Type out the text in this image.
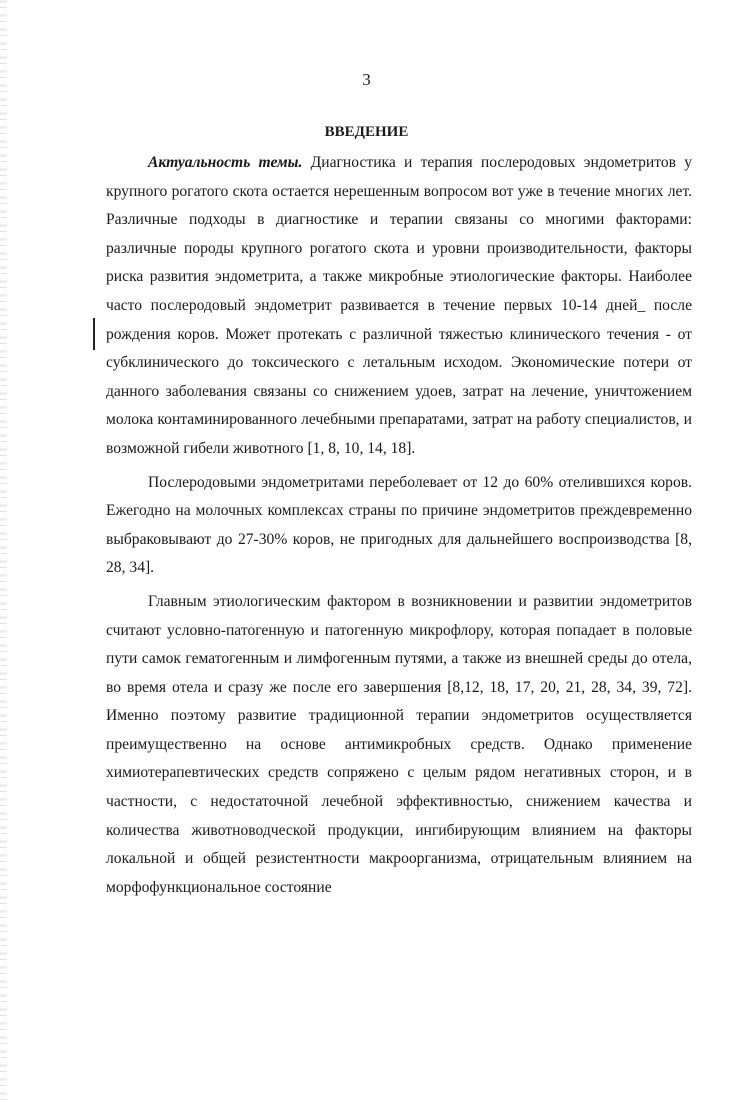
3
ВВЕДЕНИЕ

Актуальность темы. Диагностика и терапия послеродовых эндометритов у крупного рогатого скота остается нерешенным вопросом вот уже в течение многих лет. Различные подходы в диагностике и терапии связаны со многими факторами: различные породы крупного рогатого скота и уровни производительности, факторы риска развития эндометрита, а также микробные этиологические факторы. Наиболее часто послеродовый эндометрит развивается в течение первых 10-14 дней_ после рождения коров. Может протекать с различной тяжестью клинического течения - от субклинического до токсического с летальным исходом. Экономические потери от данного заболевания связаны со снижением удоев, затрат на лечение, уничтожением молока контаминированного лечебными препаратами, затрат на работу специалистов, и возможной гибели животного [1, 8, 10, 14, 18].

Послеродовыми эндометритами переболевает от 12 до 60% отелившихся коров. Ежегодно на молочных комплексах страны по причине эндометритов преждевременно выбраковывают до 27-30% коров, не пригодных для дальнейшего воспроизводства [8, 28, 34].

Главным этиологическим фактором в возникновении и развитии эндометритов считают условно-патогенную и патогенную микрофлору, которая попадает в половые пути самок гематогенным и лимфогенным путями, а также из внешней среды до отела, во время отела и сразу же после его завершения [8,12, 18, 17, 20, 21, 28, 34, 39, 72]. Именно поэтому развитие традиционной терапии эндометритов осуществляется преимущественно на основе антимикробных средств. Однако применение химиотерапевтических средств сопряжено с целым рядом негативных сторон, и в частности, с недостаточной лечебной эффективностью, снижением качества и количества животноводческой продукции, ингибирующим влиянием на факторы локальной и общей резистентности макроорганизма, отрицательным влиянием на морфофункциональное состояние
